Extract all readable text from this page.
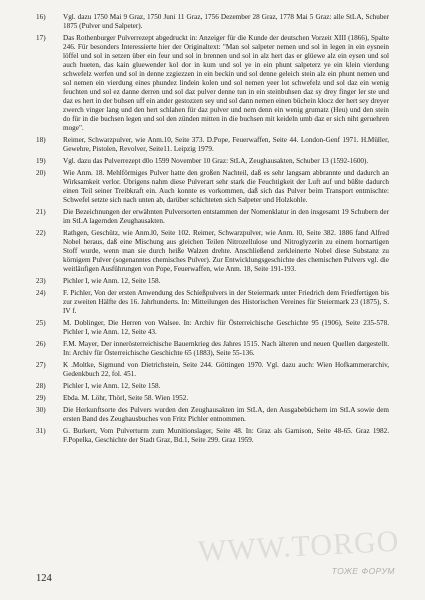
16)	Vgl. dazu 1750 Mai 9 Graz, 1750 Juni 11 Graz, 1756 Dezember 28 Graz, 1778 Mai 5 Graz: alle StLA, Schuber 1875 (Pulver und Salpeter).
17)	Das Rothenburger Pulverrezept abgedruckt in: Anzeiger für die Kunde der deutschen Vorzeit XIII (1866), Spalte 246. Für besonders Interessierte hier der Originaltext: "Man sol salpeter nemen und sol in legen in ein eysnein löffel und sol in setzen über ein feur und sol in brennen und sol in alz hert das er glüewe alz ein eysen und sol auch hueten, das kain gluewender kol dor in kum und sol ye in ein phunt salpeterz ye ein klein vierdung schwefelz werfen und sol in denne zzgiezzen in ein beckin und sol denne geleich stein alz ein phunt nemen und sol nemen ein vierdung eines phundez lindein kolen und sol nemen yeer lot schwefelz und sol daz ein wenig feuchten und sol ez danne derren und sol daz pulver denne tun in ein steinbuhsen daz sy drey finger ler ste und daz es hert in der buhsen uff ein ander gestozzen sey und sol dann nemen einen büchein klocz der hert sey dreyer zwerch vinger lang und den hert schlahen für daz pulver und nem denn ein wenig grumatz (Heu) und den stein do für in die buchsen legen und sol den zünden mitten in die buchsen mit keideln umb daz er sich niht geruehren moge".
18)	Reimer, Schwarzpulver, wie Anm.10, Seite 373. D.Pope, Feuerwaffen, Seite 44. London-Genf 1971. H.Müller, Gewehre, Pistolen, Revolver, Seite11. Leipzig 1979.
19)	Vgl. dazu das Pulverrezept d0o 1599 November 10 Graz: StLA, Zeughausakten, Schuber 13 (1592-1600).
20)	Wie Anm. 18. Mehlförmiges Pulver hatte den großen Nachteil, daß es sehr langsam abbrannte und dadurch an Wirksamkeit verlor. Übrigens nahm diese Pulverart sehr stark die Feuchtigkeit der Luft auf und büßte dadurch einen Teil seiner Treibkraft ein. Auch konnte es vorkommen, daß sich das Pulver beim Transport entmischte: Schwefel setzte sich nach unten ab, darüber schichteten sich Salpeter und Holzkohle.
21)	Die Bezeichnungen der erwähnten Pulversorten entstammen der Nomenklatur in den insgesamt 19 Schubern der im StLA lagernden Zeughausakten.
22)	Rathgen, Geschütz, wie Anm.l0, Seite 102. Reimer, Schwarzpulver, wie Anm. l0, Seite 382. 1886 fand Alfred Nobel heraus, daß eine Mischung aus gleichen Teilen Nitrozellulose und Nitroglyzerin zu einem hornartigen Stoff wurde, wenn man sie durch heiße Walzen drehte. Anschließend zerkleinerte Nobel diese Substanz zu körnigem Pulver (sogenanntes chemisches Pulver). Zur Entwicklungsgeschichte des chemischen Pulvers vgl. die weitläufigen Ausführungen von Pope, Feuerwaffen, wie Anm. 18, Seite 191-193.
23)	Pichler I, wie Anm. 12, Seite 158.
24)	F. Pichler, Von der ersten Anwendung des Schießpulvers in der Steiermark unter Friedrich dem Friedfertigen bis zur zweiten Hälfte des 16. Jahrhunderts. In: Mitteilungen des Historischen Vereines für Steiermark 23 (1875), S. IV f.
25)	M. Doblinger, Die Herren von Walsee. In: Archiv für Österreichische Geschichte 95 (1906), Seite 235-578. Pichler I, wie Anm. 12, Seite 43.
26)	F.M. Mayer, Der innerösterreichische Bauernkrieg des Jahres 1515. Nach älteren und neuen Quellen dargestellt. In: Archiv für Österreichische Geschichte 65 (1883), Seite 55-136.
27)	K .Moltke, Sigmund von Dietrichstein, Seite 244. Göttingen 1970. Vgl. dazu auch: Wien Hofkammerarchiv, Gedenkbuch 22, fol. 451.
28)	Pichler I, wie Anm. 12, Seite 158.
29)	Ebda. M. Löhr, Thörl, Seite 58. Wien 1952.
30)	Die Herkunftsorte des Pulvers wurden den Zeughausakten im StLA, den Ausgabebüchern im StLA sowie dem ersten Band des Zeughausbuches von Fritz Pichler entnommen.
31)	G. Burkert, Vom Pulverturm zum Munitionslager, Seite 48. In: Graz als Garnison, Seite 48-65. Graz 1982. F.Popelka, Geschichte der Stadt Graz, Bd.1, Seite 299. Graz 1959.
WWW.TORGO
ТОЖЕ ФОРУМ
124
